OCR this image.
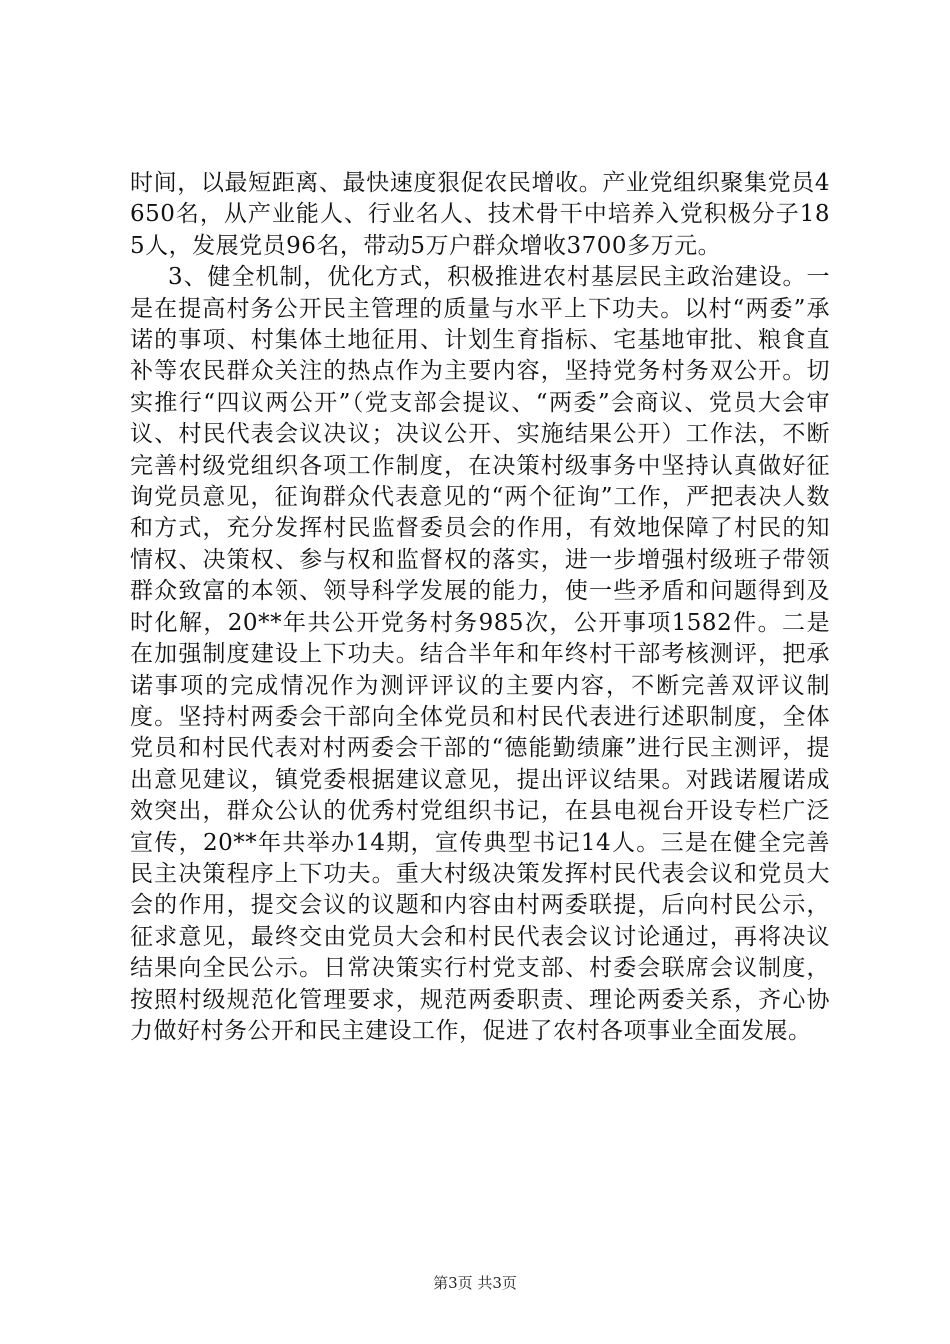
时间，以最短距离、最快速度狠促农民增收。产业党组织聚集党员4650名，从产业能人、行业名人、技术骨干中培养入党积极分子185人，发展党员96名，带动5万户群众增收3700多万元。

3、健全机制，优化方式，积极推进农村基层民主政治建设。一是在提高村务公开民主管理的质量与水平上下功夫。以村“两委”承诺的事项、村集体土地征用、计划生育指标、宅基地审批、粮食直补等农民群众关注的热点作为主要内容，坚持党务村务双公开。切实推行“四议两公开”（党支部会提议、“两委”会商议、党员大会审议、村民代表会议决议；决议公开、实施结果公开）工作法，不断完善村级党组织各项工作制度，在决策村级事务中坚持认真做好征询党员意见，征询群众代表意见的“两个征询”工作，严把表决人数和方式，充分发挥村民监督委员会的作用，有效地保障了村民的知情权、决策权、参与权和监督权的落实，进一步增强村级班子带领群众致富的本领、领导科学发展的能力，使一些矛盾和问题得到及时化解，20**年共公开党务村务985次，公开事项1582件。二是在加强制度建设上下功夫。结合半年和年终村干部考核测评，把承诺事项的完成情况作为测评评议的主要内容，不断完善双评议制度。坚持村两委会干部向全体党员和村民代表进行述职制度，全体党员和村民代表对村两委会干部的“德能勤绩廉”进行民主测评，提出意见建议，镇党委根据建议意见，提出评议结果。对践诺履诺成效突出，群众公认的优秀村党组织书记，在县电视台开设专栏广泛宣传，20**年共举办14期，宣传典型书记14人。三是在健全完善民主决策程序上下功夫。重大村级决策发挥村民代表会议和党员大会的作用，提交会议的议题和内容由村两委联提，后向村民公示，征求意见，最终交由党员大会和村民代表会议讨论通过，再将决议结果向全民公示。日常决策实行村党支部、村委会联席会议制度，按照村级规范化管理要求，规范两委职责、理论两委关系，齐心协力做好村务公开和民主建设工作，促进了农村各项事业全面发展。

第3页 共3页
